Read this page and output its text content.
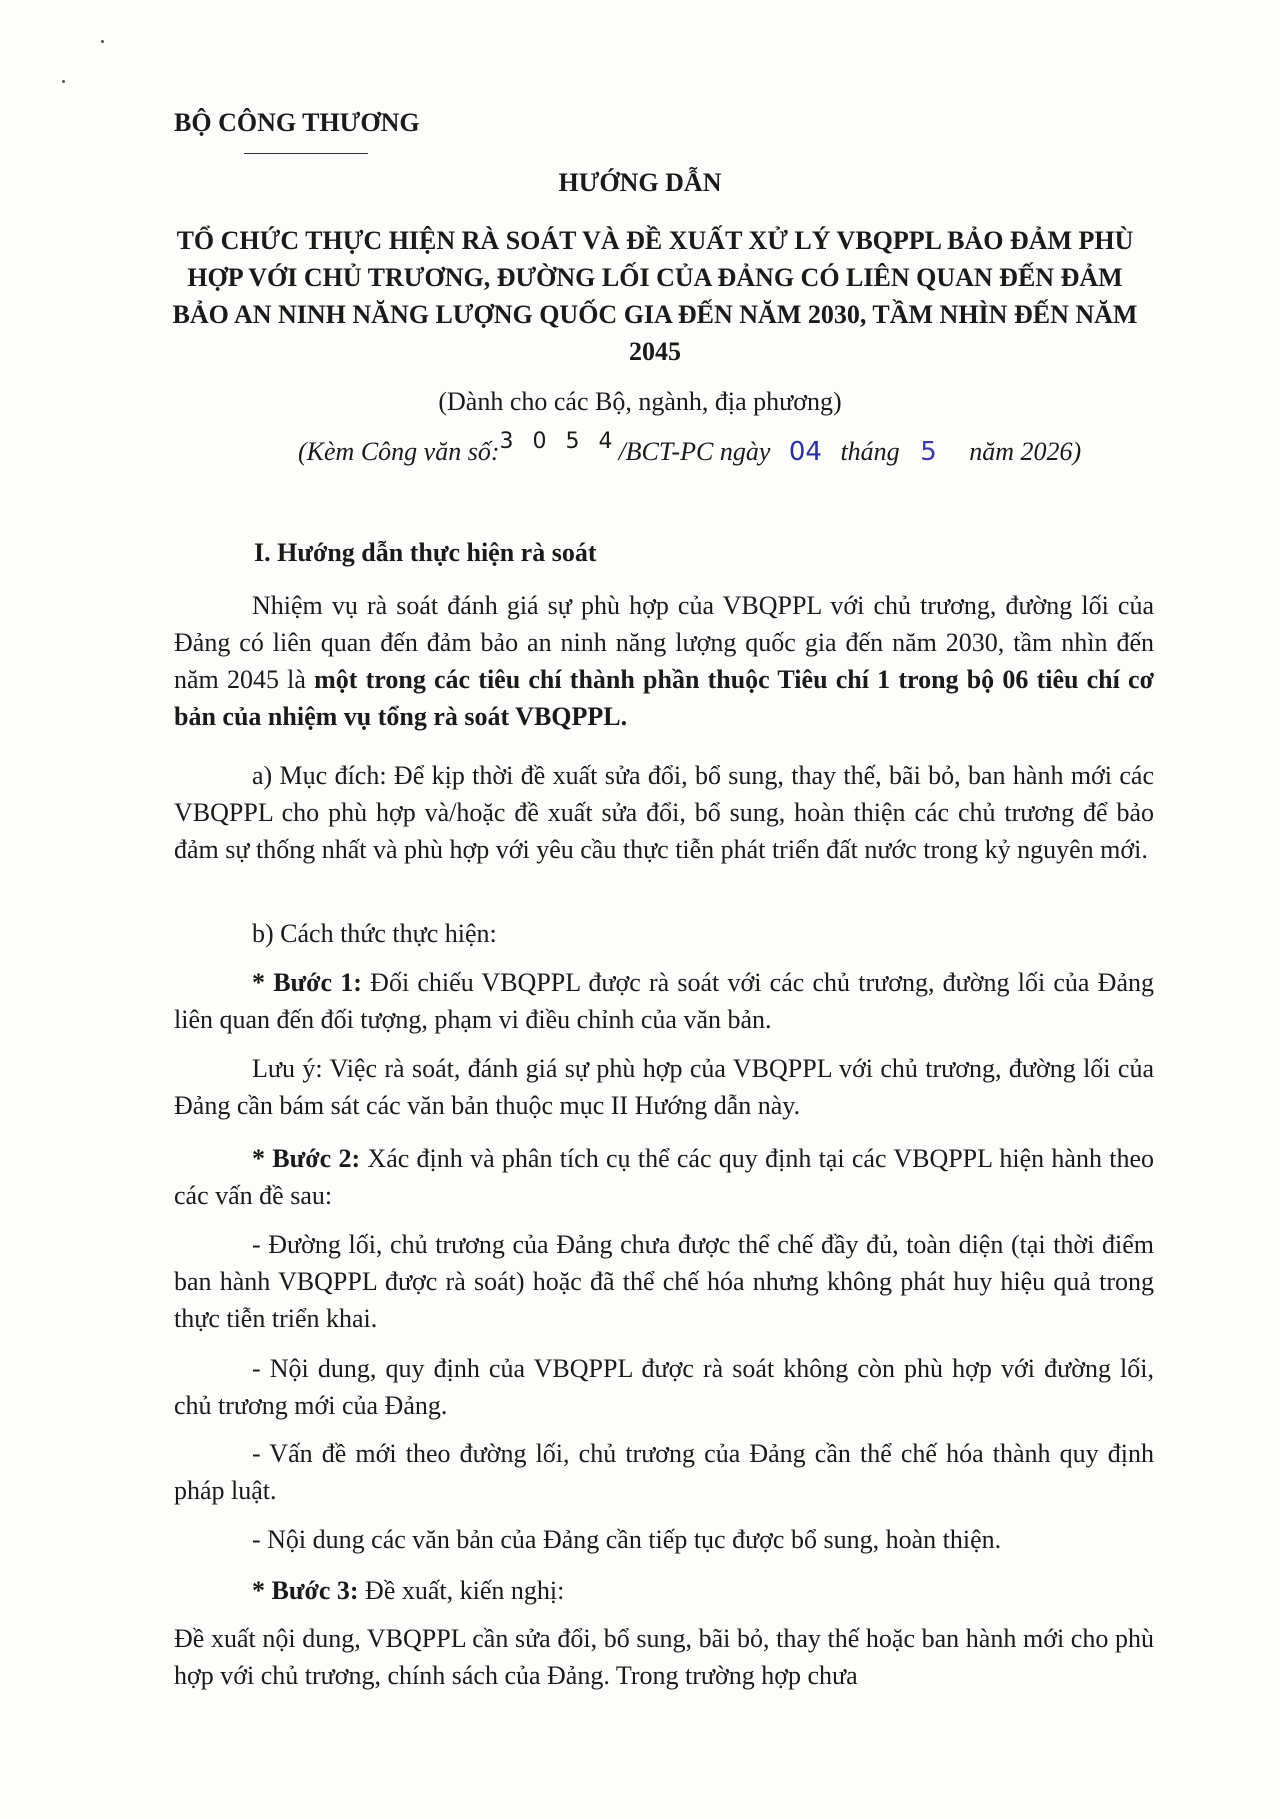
BỘ CÔNG THƯƠNG
HƯỚNG DẪN
TỔ CHỨC THỰC HIỆN RÀ SOÁT VÀ ĐỀ XUẤT XỬ LÝ VBQPPL BẢO ĐẢM PHÙ HỢP VỚI CHỦ TRƯƠNG, ĐƯỜNG LỐI CỦA ĐẢNG CÓ LIÊN QUAN ĐẾN ĐẢM BẢO AN NINH NĂNG LƯỢNG QUỐC GIA ĐẾN NĂM 2030, TẦM NHÌN ĐẾN NĂM 2045
(Dành cho các Bộ, ngành, địa phương)
(Kèm Công văn số:$^{3 0 5 4}$/BCT-PC ngày 04 tháng 5 năm 2026)
I. Hướng dẫn thực hiện rà soát
Nhiệm vụ rà soát đánh giá sự phù hợp của VBQPPL với chủ trương, đường lối của Đảng có liên quan đến đảm bảo an ninh năng lượng quốc gia đến năm 2030, tầm nhìn đến năm 2045 là một trong các tiêu chí thành phần thuộc Tiêu chí 1 trong bộ 06 tiêu chí cơ bản của nhiệm vụ tổng rà soát VBQPPL.
a) Mục đích: Để kịp thời đề xuất sửa đổi, bổ sung, thay thế, bãi bỏ, ban hành mới các VBQPPL cho phù hợp và/hoặc đề xuất sửa đổi, bổ sung, hoàn thiện các chủ trương để bảo đảm sự thống nhất và phù hợp với yêu cầu thực tiễn phát triển đất nước trong kỷ nguyên mới.
b) Cách thức thực hiện:
* Bước 1: Đối chiếu VBQPPL được rà soát với các chủ trương, đường lối của Đảng liên quan đến đối tượng, phạm vi điều chỉnh của văn bản.
Lưu ý: Việc rà soát, đánh giá sự phù hợp của VBQPPL với chủ trương, đường lối của Đảng cần bám sát các văn bản thuộc mục II Hướng dẫn này.
* Bước 2: Xác định và phân tích cụ thể các quy định tại các VBQPPL hiện hành theo các vấn đề sau:
- Đường lối, chủ trương của Đảng chưa được thể chế đầy đủ, toàn diện (tại thời điểm ban hành VBQPPL được rà soát) hoặc đã thể chế hóa nhưng không phát huy hiệu quả trong thực tiễn triển khai.
- Nội dung, quy định của VBQPPL được rà soát không còn phù hợp với đường lối, chủ trương mới của Đảng.
- Vấn đề mới theo đường lối, chủ trương của Đảng cần thể chế hóa thành quy định pháp luật.
- Nội dung các văn bản của Đảng cần tiếp tục được bổ sung, hoàn thiện.
* Bước 3: Đề xuất, kiến nghị:
Đề xuất nội dung, VBQPPL cần sửa đổi, bổ sung, bãi bỏ, thay thế hoặc ban hành mới cho phù hợp với chủ trương, chính sách của Đảng. Trong trường hợp chưa
